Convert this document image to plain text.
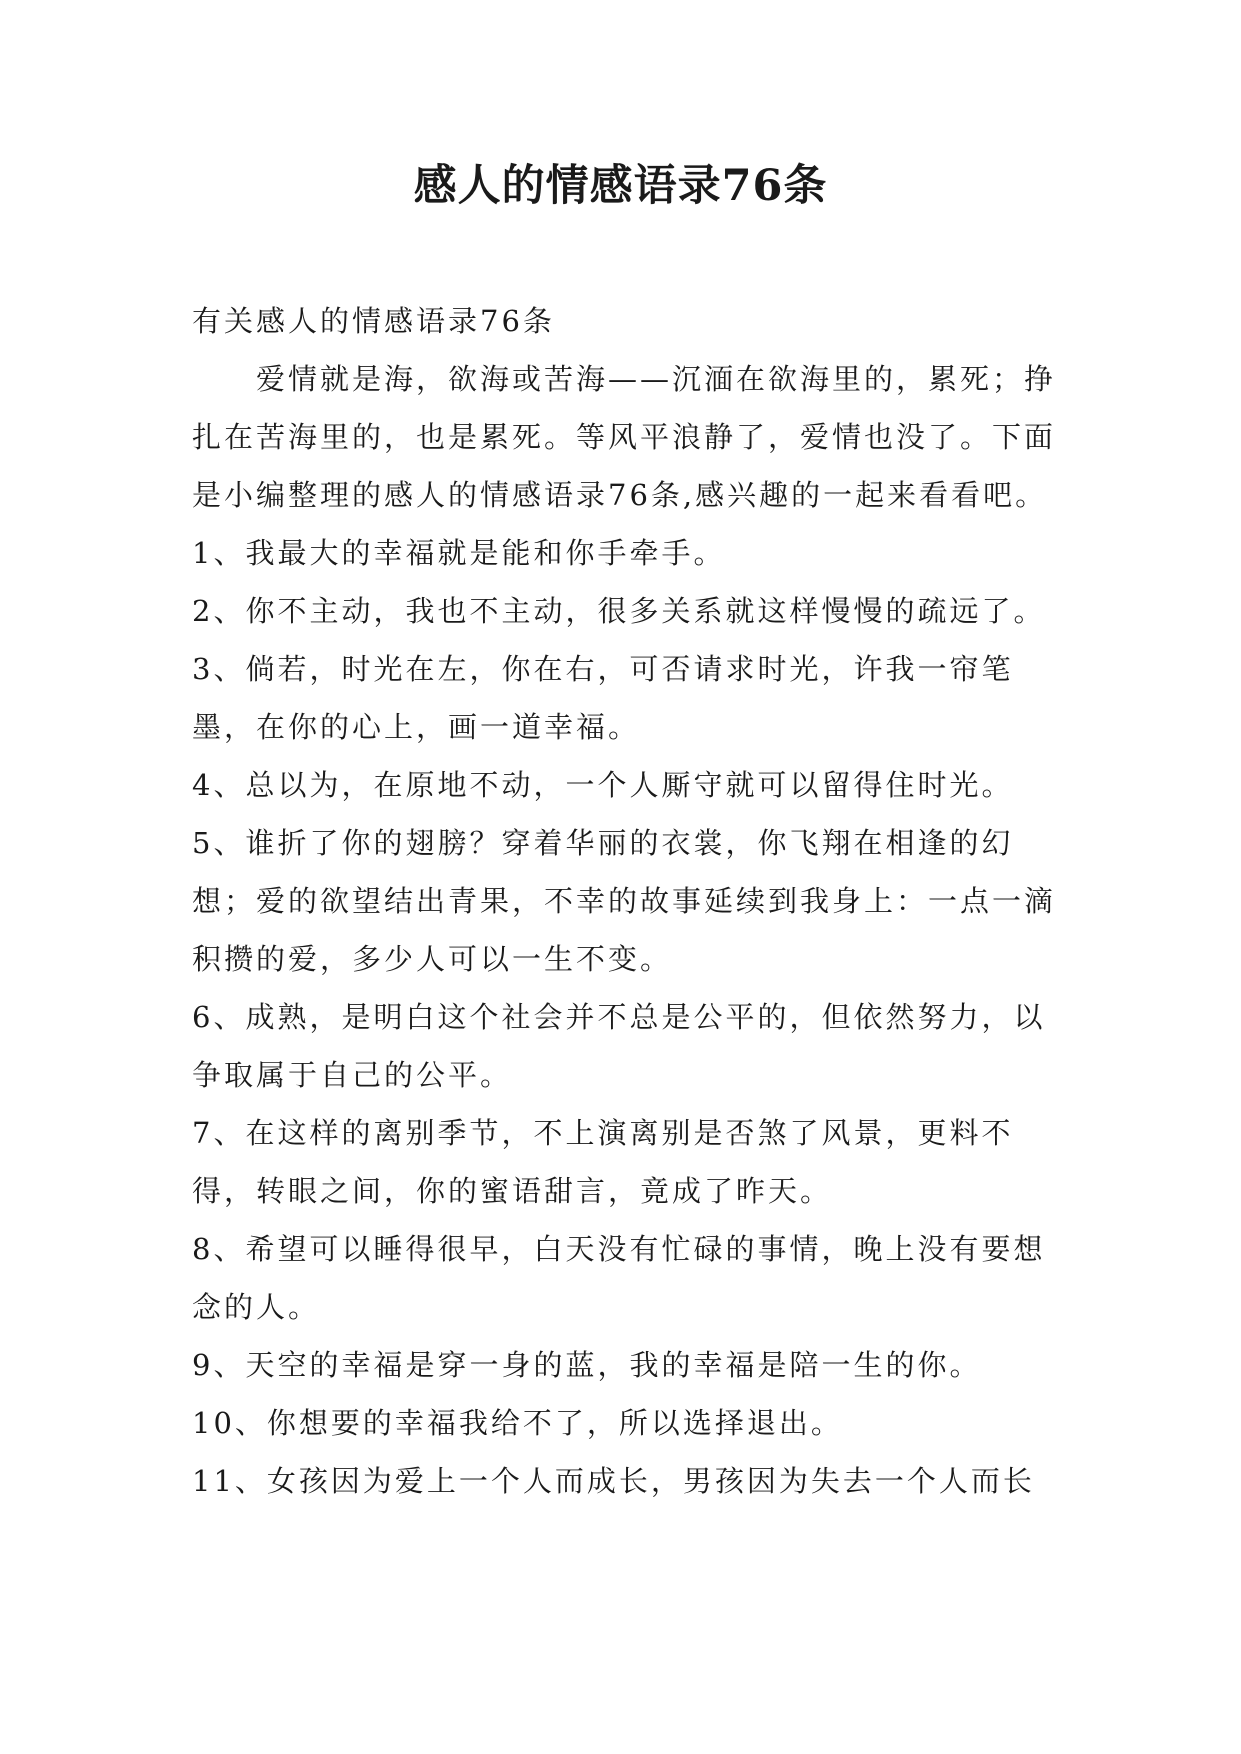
感人的情感语录76条

有关感人的情感语录76条

爱情就是海，欲海或苦海——沉湎在欲海里的，累死；挣扎在苦海里的，也是累死。等风平浪静了，爱情也没了。下面是小编整理的感人的情感语录76条,感兴趣的一起来看看吧。

1、我最大的幸福就是能和你手牵手。

2、你不主动，我也不主动，很多关系就这样慢慢的疏远了。

3、倘若，时光在左，你在右，可否请求时光，许我一帘笔墨，在你的心上，画一道幸福。

4、总以为，在原地不动，一个人厮守就可以留得住时光。

5、谁折了你的翅膀？穿着华丽的衣裳，你飞翔在相逢的幻想；爱的欲望结出青果，不幸的故事延续到我身上：一点一滴积攒的爱，多少人可以一生不变。

6、成熟，是明白这个社会并不总是公平的，但依然努力，以争取属于自己的公平。

7、在这样的离别季节，不上演离别是否煞了风景，更料不得，转眼之间，你的蜜语甜言，竟成了昨天。

8、希望可以睡得很早，白天没有忙碌的事情，晚上没有要想念的人。

9、天空的幸福是穿一身的蓝，我的幸福是陪一生的你。

10、你想要的幸福我给不了，所以选择退出。

11、女孩因为爱上一个人而成长，男孩因为失去一个人而长
